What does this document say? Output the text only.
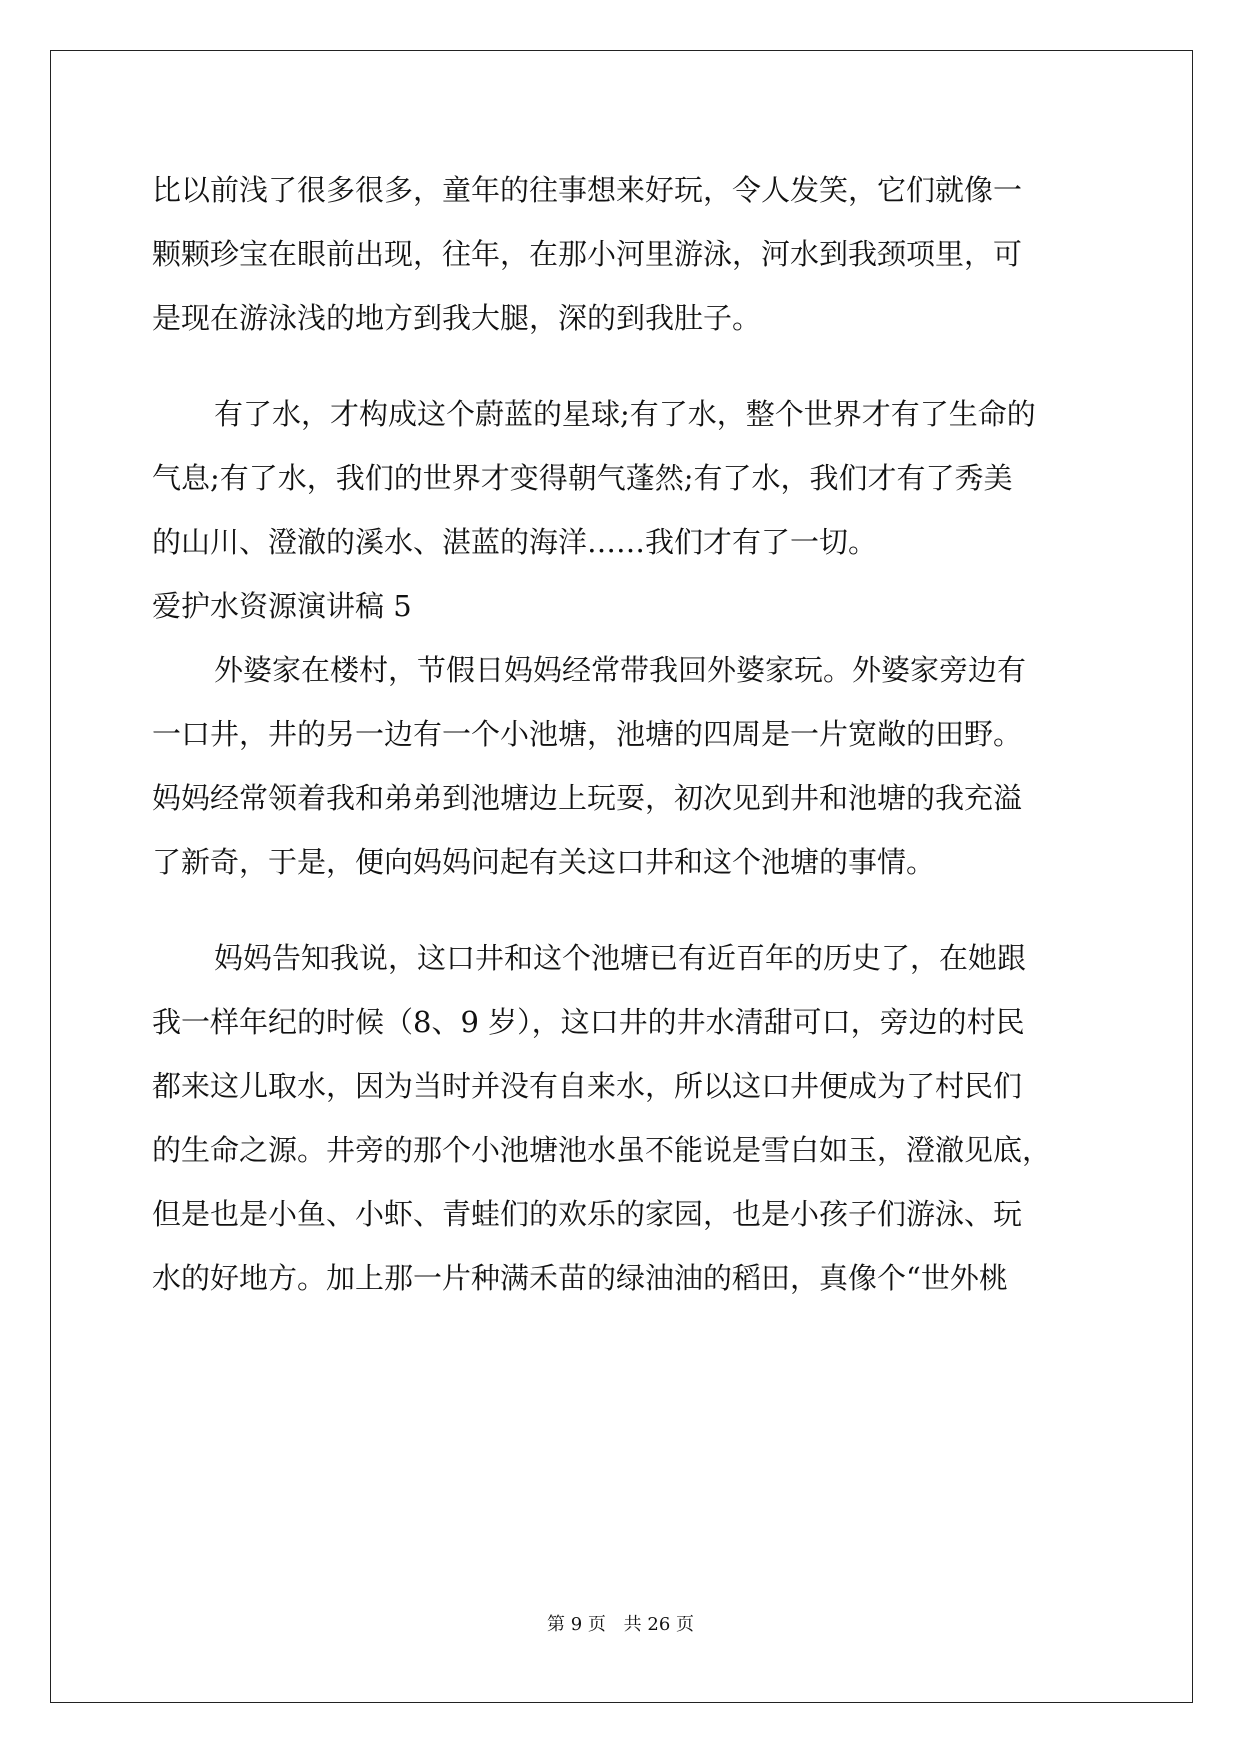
比以前浅了很多很多，童年的往事想来好玩，令人发笑，它们就像一
颗颗珍宝在眼前出现，往年，在那小河里游泳，河水到我颈项里，可
是现在游泳浅的地方到我大腿，深的到我肚子。
有了水，才构成这个蔚蓝的星球;有了水，整个世界才有了生命的
气息;有了水，我们的世界才变得朝气蓬然;有了水，我们才有了秀美
的山川、澄澈的溪水、湛蓝的海洋……我们才有了一切。
爱护水资源演讲稿 5
外婆家在楼村，节假日妈妈经常带我回外婆家玩。外婆家旁边有
一口井，井的另一边有一个小池塘，池塘的四周是一片宽敞的田野。
妈妈经常领着我和弟弟到池塘边上玩耍，初次见到井和池塘的我充溢
了新奇，于是，便向妈妈问起有关这口井和这个池塘的事情。
妈妈告知我说，这口井和这个池塘已有近百年的历史了，在她跟
我一样年纪的时候（8、9 岁），这口井的井水清甜可口，旁边的村民
都来这儿取水，因为当时并没有自来水，所以这口井便成为了村民们
的生命之源。井旁的那个小池塘池水虽不能说是雪白如玉，澄澈见底，
但是也是小鱼、小虾、青蛙们的欢乐的家园，也是小孩子们游泳、玩
水的好地方。加上那一片种满禾苗的绿油油的稻田，真像个“世外桃
第 9 页 共 26 页
